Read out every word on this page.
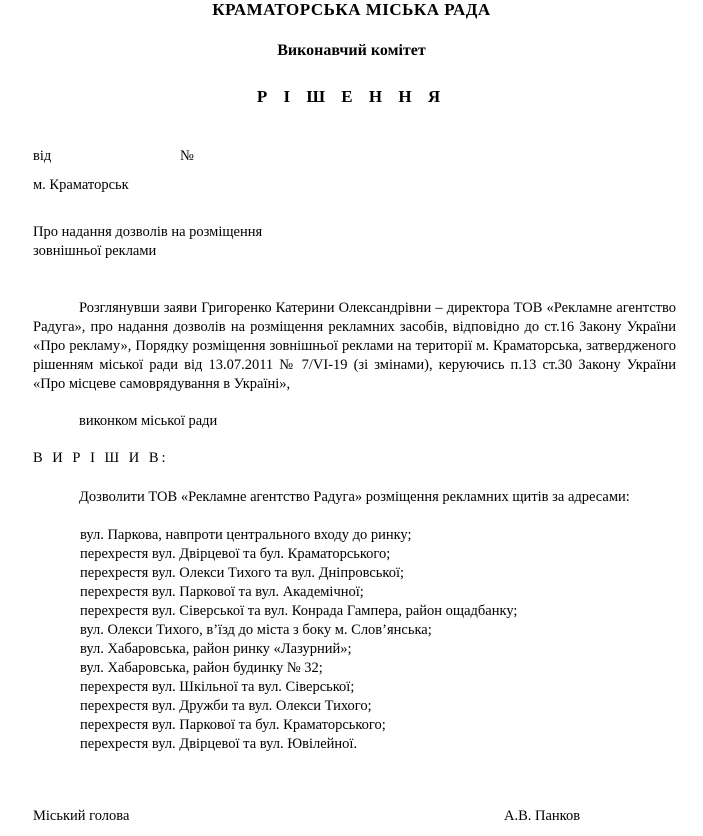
КРАМАТОРСЬКА МІСЬКА РАДА
Виконавчий комітет
Р І Ш Е Н Н Я
від	№
м. Краматорськ
Про надання дозволів на розміщення
зовнішньої реклами
Розглянувши заяви Григоренко Катерини Олександрівни – директора ТОВ «Рекламне агентство Радуга», про надання дозволів на розміщення рекламних засобів, відповідно до ст.16 Закону України «Про рекламу», Порядку розміщення зовнішньої реклами на території м. Краматорська, затвердженого рішенням міської ради від 13.07.2011 № 7/VI-19 (зі змінами), керуючись п.13 ст.30 Закону України «Про місцеве самоврядування в Україні»,
виконком міської ради
В И Р І Ш И В:
Дозволити ТОВ «Рекламне агентство Радуга» розміщення рекламних щитів за адресами:
вул. Паркова, навпроти центрального входу до ринку;
перехрестя вул. Двірцевої та бул. Краматорського;
перехрестя вул. Олекси Тихого та вул. Дніпровської;
перехрестя вул. Паркової та вул. Академічної;
перехрестя вул. Сіверської та вул. Конрада Гампера, район ощадбанку;
вул. Олекси Тихого, в’їзд до міста з боку м. Слов’янська;
вул. Хабаровська, район ринку «Лазурний»;
вул. Хабаровська, район будинку № 32;
перехрестя вул. Шкільної та вул. Сіверської;
перехрестя вул. Дружби та вул. Олекси Тихого;
перехрестя вул. Паркової та бул. Краматорського;
перехрестя вул. Двірцевої та вул. Ювілейної.
Міський голова	А.В. Панков
